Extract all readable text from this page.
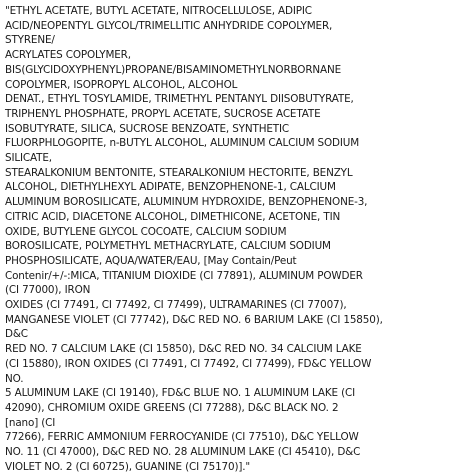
"ETHYL ACETATE, BUTYL ACETATE, NITROCELLULOSE, ADIPIC
ACID/NEOPENTYL GLYCOL/TRIMELLITIC ANHYDRIDE COPOLYMER,
STYRENE/
ACRYLATES COPOLYMER,
BIS(GLYCIDOXYPHENYL)PROPANE/BISAMINOMETHYLNORBORNANE
COPOLYMER, ISOPROPYL ALCOHOL, ALCOHOL
DENAT., ETHYL TOSYLAMIDE, TRIMETHYL PENTANYL DIISOBUTYRATE,
TRIPHENYL PHOSPHATE, PROPYL ACETATE, SUCROSE ACETATE
ISOBUTYRATE, SILICA, SUCROSE BENZOATE, SYNTHETIC
FLUORPHLOGOPITE, n-BUTYL ALCOHOL, ALUMINUM CALCIUM SODIUM
SILICATE,
STEARALKONIUM BENTONITE, STEARALKONIUM HECTORITE, BENZYL
ALCOHOL, DIETHYLHEXYL ADIPATE, BENZOPHENONE-1, CALCIUM
ALUMINUM BOROSILICATE, ALUMINUM HYDROXIDE, BENZOPHENONE-3,
CITRIC ACID, DIACETONE ALCOHOL, DIMETHICONE, ACETONE, TIN
OXIDE, BUTYLENE GLYCOL COCOATE, CALCIUM SODIUM
BOROSILICATE, POLYMETHYL METHACRYLATE, CALCIUM SODIUM
PHOSPHOSILICATE, AQUA/WATER/EAU, [May Contain/Peut
Contenir/+/-:MICA, TITANIUM DIOXIDE (CI 77891), ALUMINUM POWDER
(CI 77000), IRON
OXIDES (CI 77491, CI 77492, CI 77499), ULTRAMARINES (CI 77007),
MANGANESE VIOLET (CI 77742), D&C RED NO. 6 BARIUM LAKE (CI 15850),
D&C
RED NO. 7 CALCIUM LAKE (CI 15850), D&C RED NO. 34 CALCIUM LAKE
(CI 15880), IRON OXIDES (CI 77491, CI 77492, CI 77499), FD&C YELLOW
NO.
5 ALUMINUM LAKE (CI 19140), FD&C BLUE NO. 1 ALUMINUM LAKE (CI
42090), CHROMIUM OXIDE GREENS (CI 77288), D&C BLACK NO. 2
[nano] (CI
77266), FERRIC AMMONIUM FERROCYANIDE (CI 77510), D&C YELLOW
NO. 11 (CI 47000), D&C RED NO. 28 ALUMINUM LAKE (CI 45410), D&C
VIOLET NO. 2 (CI 60725), GUANINE (CI 75170)]."
